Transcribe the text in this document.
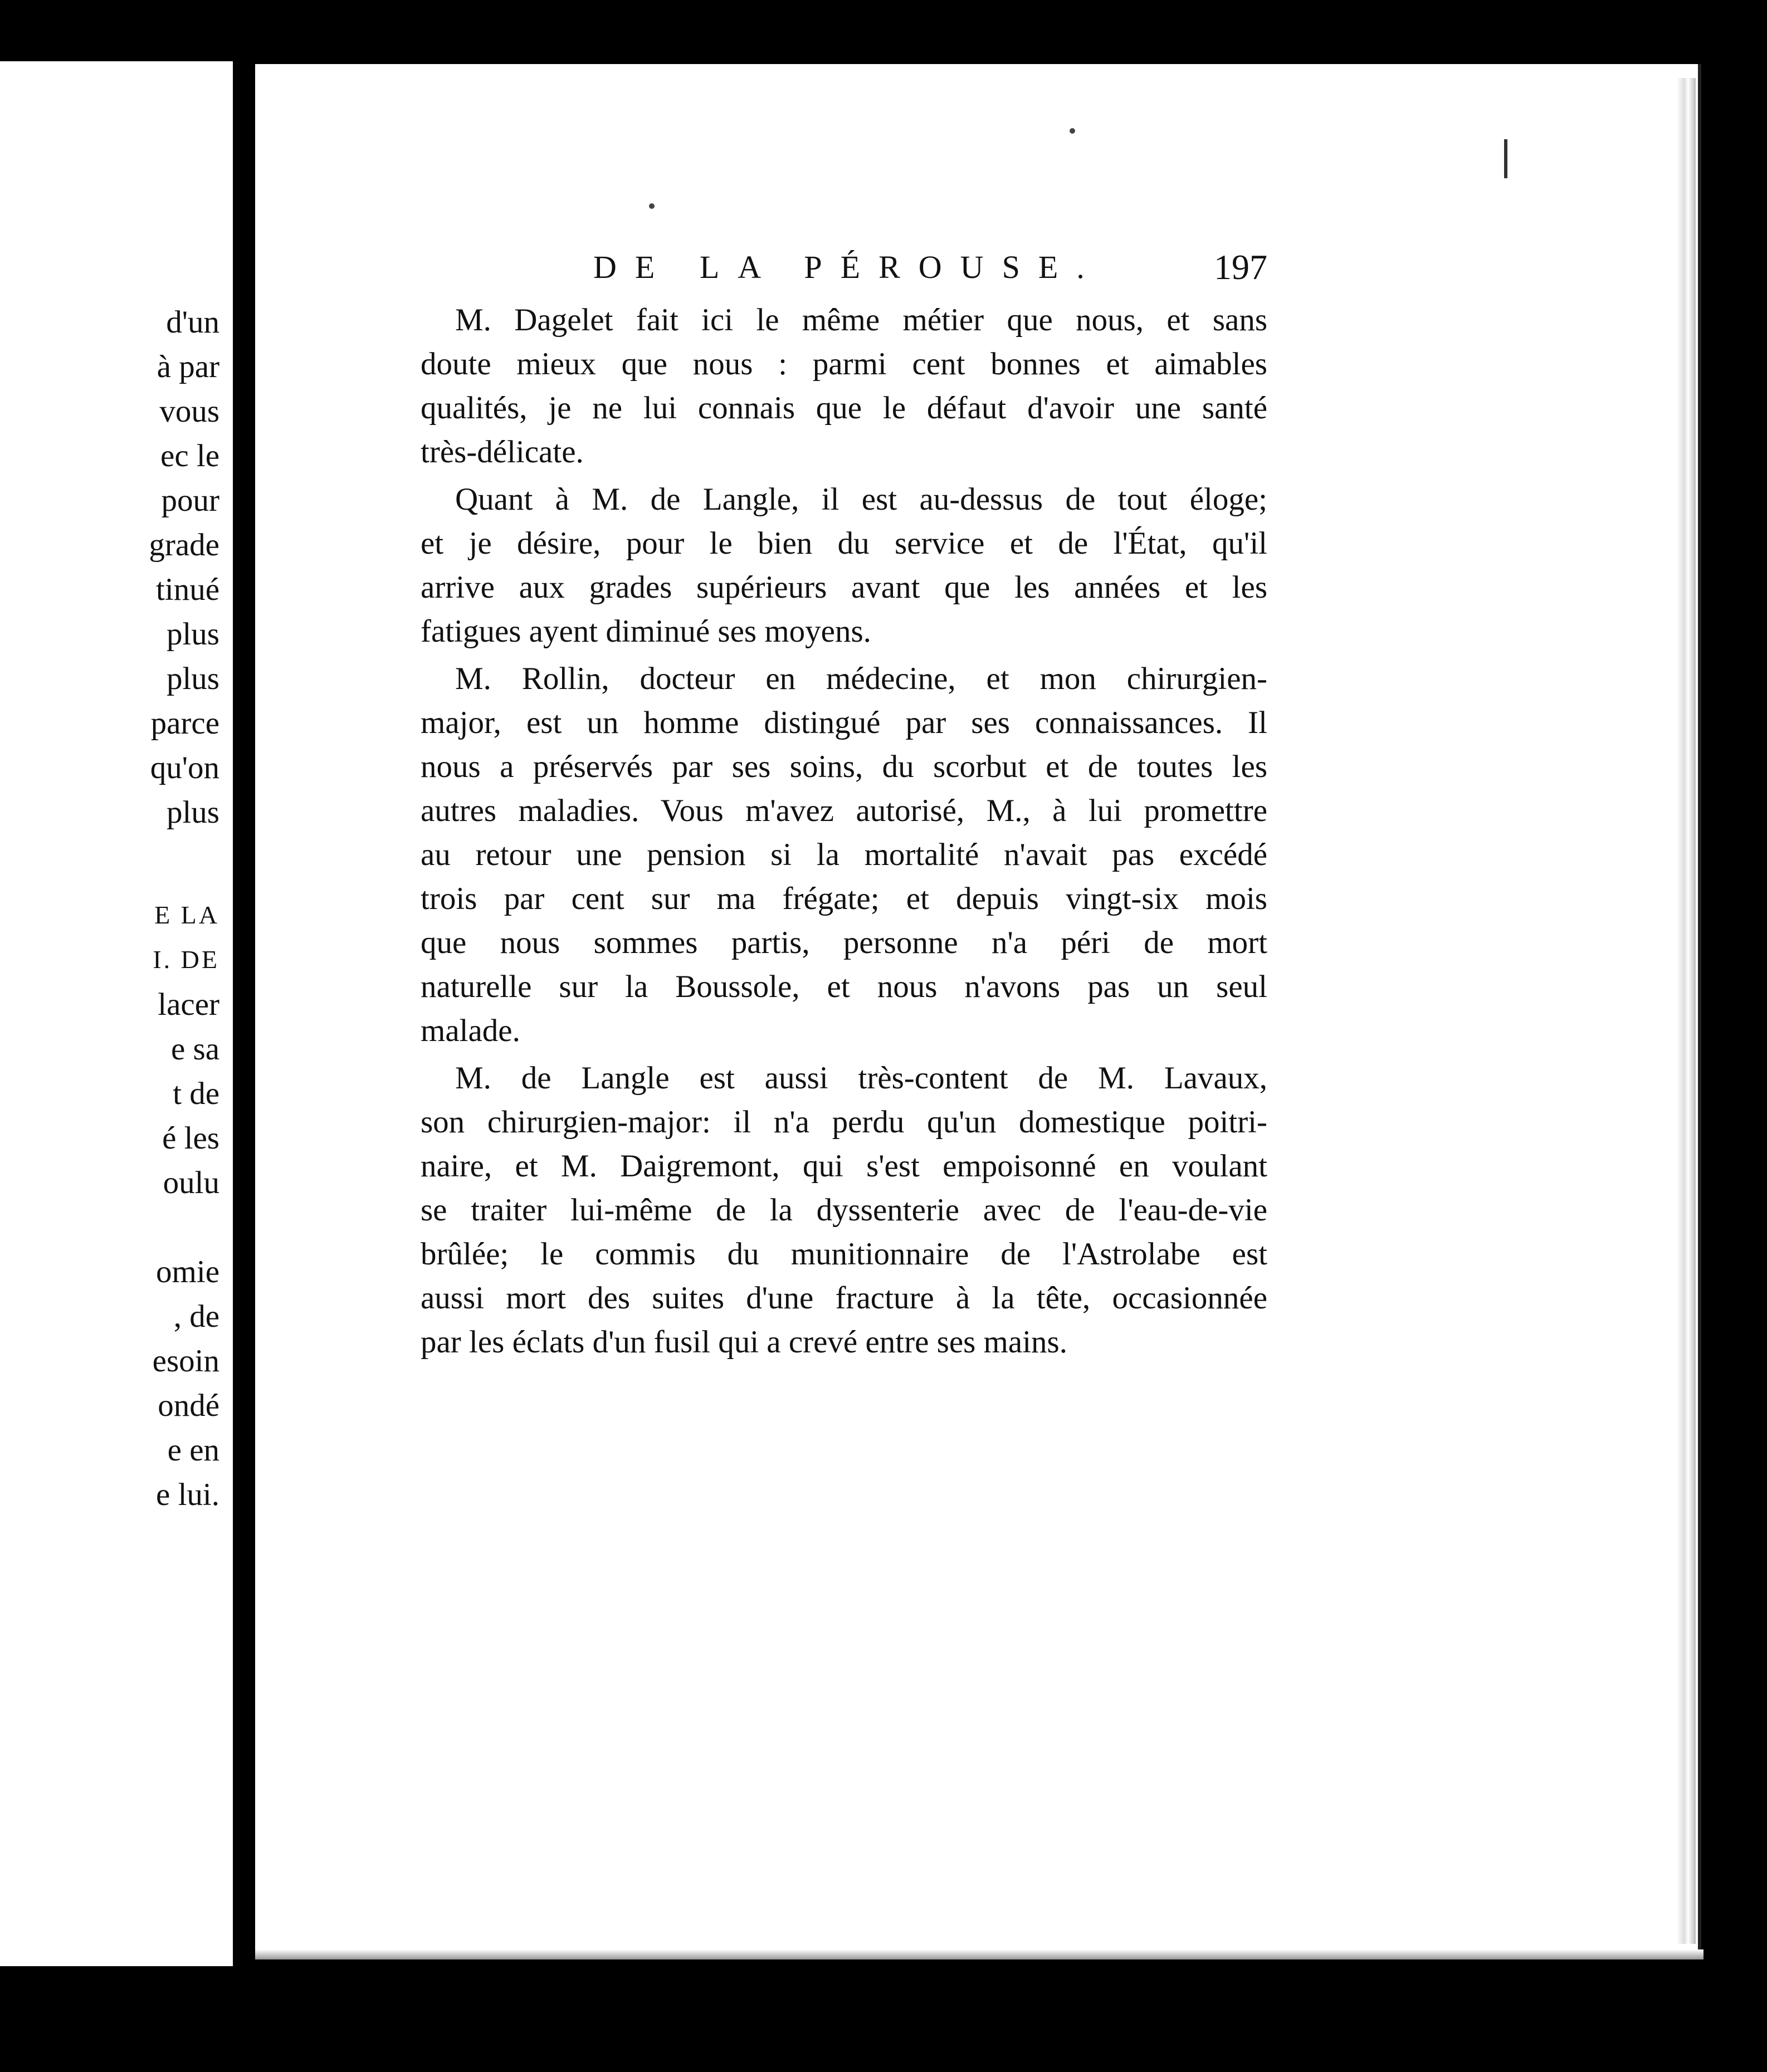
d'un

à par

vous

ec le

pour

grade

tinué

plus

plus

parce

qu'on

plus

E LA

I. DE

lacer

e sa

t de

é les

oulu

omie

, de

esoin

ondé

e en

e lui.

DE LA PÉROUSE.	197
M. Dagelet fait ici le même métier que nous, et sans
doute mieux que nous : parmi cent bonnes et aimables
qualités, je ne lui connais que le défaut d'avoir une santé
très-délicate.
Quant à M. de Langle, il est au-dessus de tout éloge;
et je désire, pour le bien du service et de l'État, qu'il
arrive aux grades supérieurs avant que les années et les
fatigues ayent diminué ses moyens.
M. Rollin, docteur en médecine, et mon chirurgien-
major, est un homme distingué par ses connaissances. Il
nous a préservés par ses soins, du scorbut et de toutes les
autres maladies. Vous m'avez autorisé, M., à lui promettre
au retour une pension si la mortalité n'avait pas excédé
trois par cent sur ma frégate; et depuis vingt-six mois
que nous sommes partis, personne n'a péri de mort
naturelle sur la Boussole, et nous n'avons pas un seul
malade.
M. de Langle est aussi très-content de M. Lavaux,
son chirurgien-major: il n'a perdu qu'un domestique poitri-
naire, et M. Daigremont, qui s'est empoisonné en voulant
se traiter lui-même de la dyssenterie avec de l'eau-de-vie
brûlée; le commis du munitionnaire de l'Astrolabe est
aussi mort des suites d'une fracture à la tête, occasionnée
par les éclats d'un fusil qui a crevé entre ses mains.
